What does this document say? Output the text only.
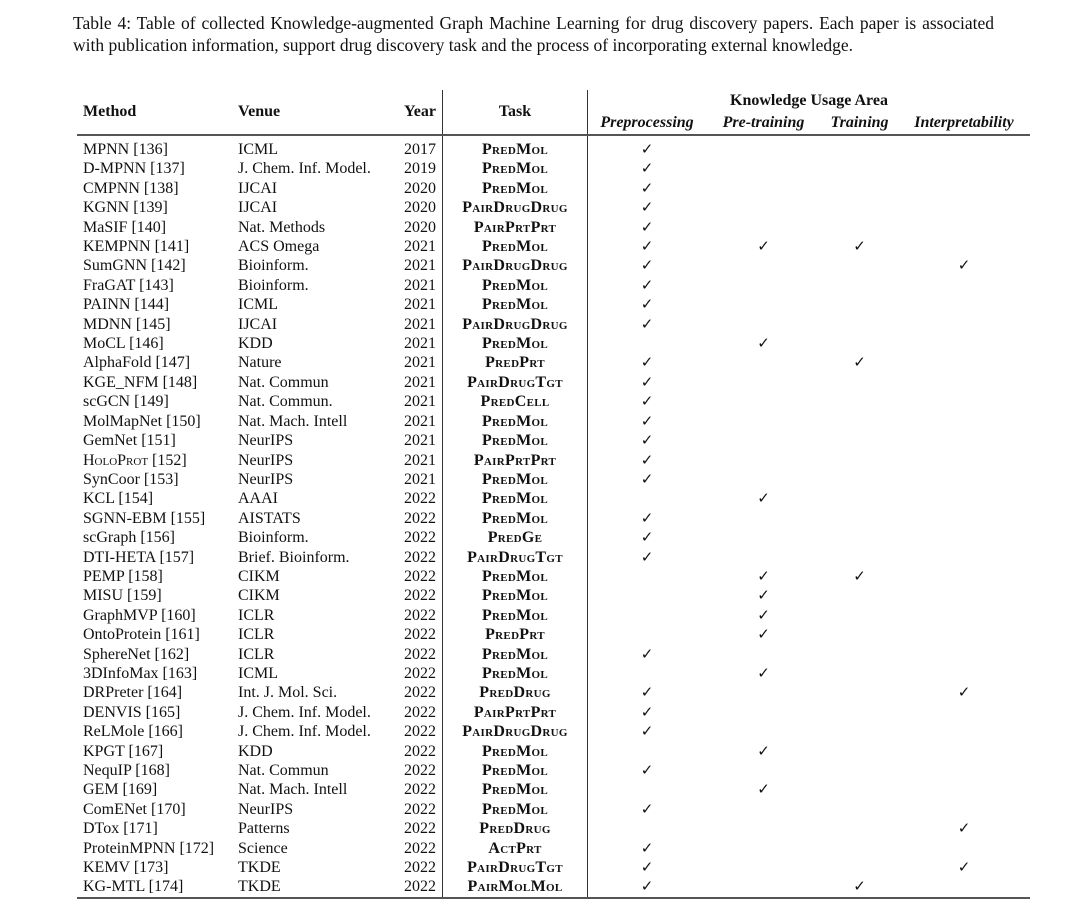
Table 4: Table of collected Knowledge-augmented Graph Machine Learning for drug discovery papers. Each paper is associated with publication information, support drug discovery task and the process of incorporating external knowledge.
Method	Venue	Year	Task	Knowledge Usage Area			
				Preprocessing	Pre-training	Training	Interpretability
MPNN [136]	ICML	2017	PredMol	✓			
D-MPNN [137]	J. Chem. Inf. Model.	2019	PredMol	✓			
CMPNN [138]	IJCAI	2020	PredMol	✓			
KGNN [139]	IJCAI	2020	PairDrugDrug	✓			
MaSIF [140]	Nat. Methods	2020	PairPrtPrt	✓			
KEMPNN [141]	ACS Omega	2021	PredMol	✓	✓	✓	
SumGNN [142]	Bioinform.	2021	PairDrugDrug	✓			✓
FraGAT [143]	Bioinform.	2021	PredMol	✓			
PAINN [144]	ICML	2021	PredMol	✓			
MDNN [145]	IJCAI	2021	PairDrugDrug	✓			
MoCL [146]	KDD	2021	PredMol		✓		
AlphaFold [147]	Nature	2021	PredPrt	✓		✓	
KGE_NFM [148]	Nat. Commun	2021	PairDrugTgt	✓			
scGCN [149]	Nat. Commun.	2021	PredCell	✓			
MolMapNet [150]	Nat. Mach. Intell	2021	PredMol	✓			
GemNet [151]	NeurIPS	2021	PredMol	✓			
HoloProt [152]	NeurIPS	2021	PairPrtPrt	✓			
SynCoor [153]	NeurIPS	2021	PredMol	✓			
KCL [154]	AAAI	2022	PredMol		✓		
SGNN-EBM [155]	AISTATS	2022	PredMol	✓			
scGraph [156]	Bioinform.	2022	PredGe	✓			
DTI-HETA [157]	Brief. Bioinform.	2022	PairDrugTgt	✓			
PEMP [158]	CIKM	2022	PredMol		✓	✓	
MISU [159]	CIKM	2022	PredMol		✓		
GraphMVP [160]	ICLR	2022	PredMol		✓		
OntoProtein [161]	ICLR	2022	PredPrt		✓		
SphereNet [162]	ICLR	2022	PredMol	✓			
3DInfoMax [163]	ICML	2022	PredMol		✓		
DRPreter [164]	Int. J. Mol. Sci.	2022	PredDrug	✓			✓
DENVIS [165]	J. Chem. Inf. Model.	2022	PairPrtPrt	✓			
ReLMole [166]	J. Chem. Inf. Model.	2022	PairDrugDrug	✓			
KPGT [167]	KDD	2022	PredMol		✓		
NequIP [168]	Nat. Commun	2022	PredMol	✓			
GEM [169]	Nat. Mach. Intell	2022	PredMol		✓		
ComENet [170]	NeurIPS	2022	PredMol	✓			
DTox [171]	Patterns	2022	PredDrug				✓
ProteinMPNN [172]	Science	2022	ActPrt	✓			
KEMV [173]	TKDE	2022	PairDrugTgt	✓			✓
KG-MTL [174]	TKDE	2022	PairMolMol	✓		✓	
